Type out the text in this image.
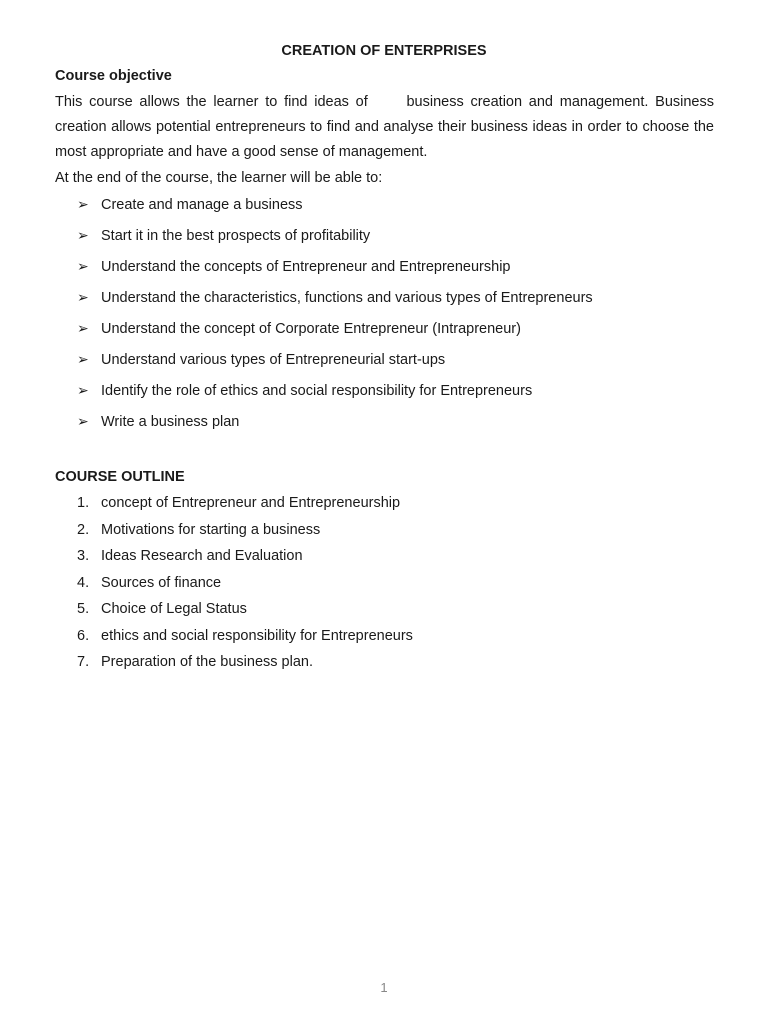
CREATION OF ENTERPRISES
Course objective
This course allows the learner to find ideas of	business creation and management. Business creation allows potential entrepreneurs to find and analyse their business ideas in order to choose the most appropriate and have a good sense of management.
At the end of the course, the learner will be able to:
➢ Create and manage a business
➢ Start it in the best prospects of profitability
➢ Understand the concepts of Entrepreneur and Entrepreneurship
➢ Understand the characteristics, functions and various types of Entrepreneurs
➢ Understand the concept of Corporate Entrepreneur (Intrapreneur)
➢ Understand various types of Entrepreneurial start-ups
➢ Identify the role of ethics and social responsibility for Entrepreneurs
➢ Write a business plan
COURSE OUTLINE
1. concept of Entrepreneur and Entrepreneurship
2. Motivations for starting a business
3. Ideas Research and Evaluation
4. Sources of finance
5. Choice of Legal Status
6. ethics and social responsibility for Entrepreneurs
7. Preparation of the business plan.
1
